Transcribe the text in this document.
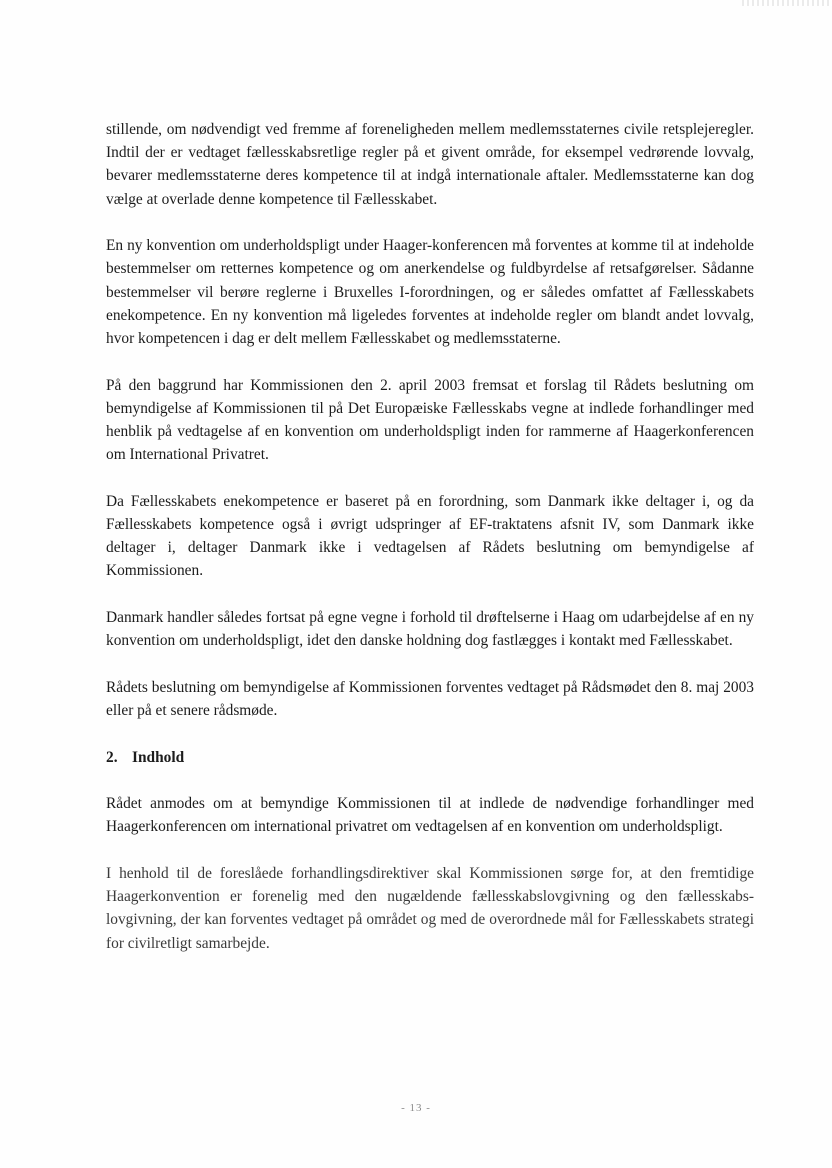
stillende, om nødvendigt ved fremme af foreneligheden mellem medlemsstaternes civile retsplejeregler. Indtil der er vedtaget fællesskabsretlige regler på et givent område, for eksempel vedrørende lovvalg, bevarer medlemsstaterne deres kompetence til at indgå internationale aftaler. Medlemsstaterne kan dog vælge at overlade denne kompetence til Fællesskabet.

En ny konvention om underholdspligt under Haager-konferencen må forventes at komme til at indeholde bestemmelser om retternes kompetence og om anerkendelse og fuldbyrdelse af retsafgørelser. Sådanne bestemmelser vil berøre reglerne i Bruxelles I-forordningen, og er således omfattet af Fællesskabets enekompetence. En ny konvention må ligeledes forventes at indeholde regler om blandt andet lovvalg, hvor kompetencen i dag er delt mellem Fællesskabet og medlemsstaterne.

På den baggrund har Kommissionen den 2. april 2003 fremsat et forslag til Rådets beslutning om bemyndigelse af Kommissionen til på Det Europæiske Fællesskabs vegne at indlede forhandlinger med henblik på vedtagelse af en konvention om underholdspligt inden for rammerne af Haagerkonferencen om International Privatret.

Da Fællesskabets enekompetence er baseret på en forordning, som Danmark ikke deltager i, og da Fællesskabets kompetence også i øvrigt udspringer af EF-traktatens afsnit IV, som Danmark ikke deltager i, deltager Danmark ikke i vedtagelsen af Rådets beslutning om bemyndigelse af Kommissionen.

Danmark handler således fortsat på egne vegne i forhold til drøftelserne i Haag om udarbejdelse af en ny konvention om underholdspligt, idet den danske holdning dog fastlægges i kontakt med Fællesskabet.

Rådets beslutning om bemyndigelse af Kommissionen forventes vedtaget på Rådsmødet den 8. maj 2003 eller på et senere rådsmøde.

2. Indhold

Rådet anmodes om at bemyndige Kommissionen til at indlede de nødvendige forhandlinger med Haagerkonferencen om international privatret om vedtagelsen af en konvention om underholdspligt.

I henhold til de foreslåede forhandlingsdirektiver skal Kommissionen sørge for, at den fremtidige Haagerkonvention er forenelig med den nugældende fællesskabslovgivning og den fællesskabslovgivning, der kan forventes vedtaget på området og med de overordnede mål for Fællesskabets strategi for civilretligt samarbejde.

- 13 -
